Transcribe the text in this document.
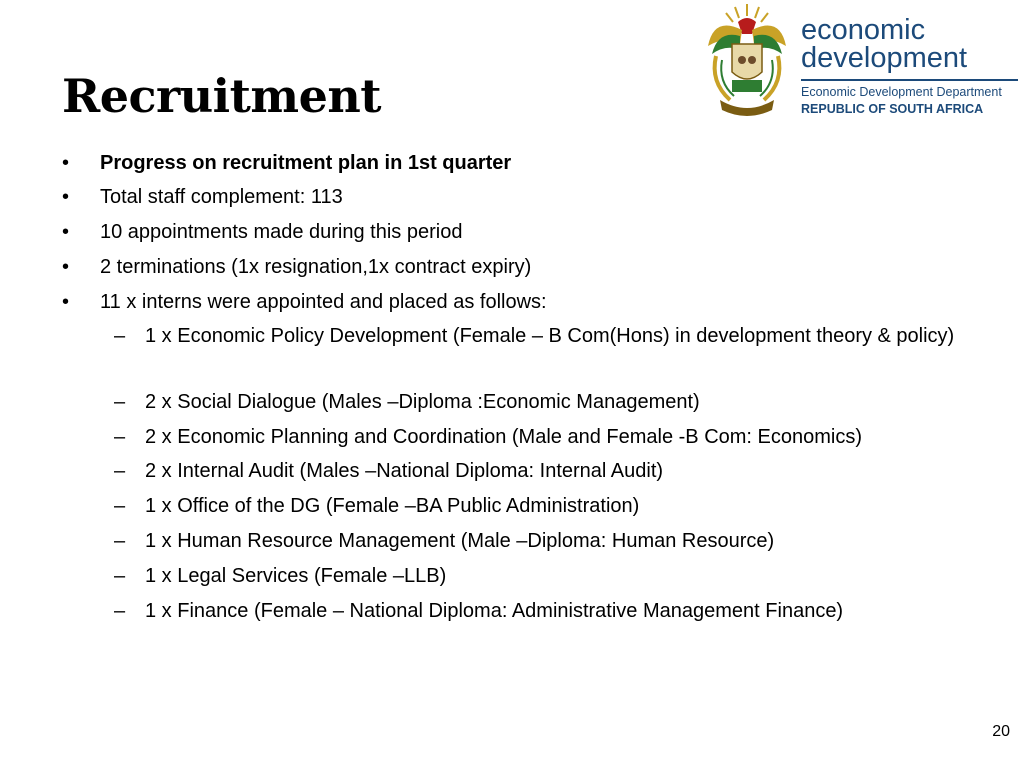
Recruitment
economic
development
Economic Development Department
REPUBLIC OF SOUTH AFRICA
• Progress on recruitment plan in 1st quarter
• Total staff complement: 113
• 10 appointments made during this period
• 2 terminations (1x resignation,1x contract expiry)
• 11 x interns were appointed and placed as follows:
– 1 x Economic Policy Development (Female – B Com(Hons) in development theory & policy)
– 2 x Social Dialogue (Males –Diploma :Economic Management)
– 2 x Economic Planning and Coordination (Male and Female -B Com: Economics)
– 2 x Internal Audit (Males –National Diploma: Internal Audit)
– 1 x Office of the DG (Female –BA Public Administration)
– 1 x Human Resource Management (Male –Diploma: Human Resource)
– 1 x Legal Services (Female –LLB)
– 1 x Finance (Female – National Diploma: Administrative Management Finance)
20
